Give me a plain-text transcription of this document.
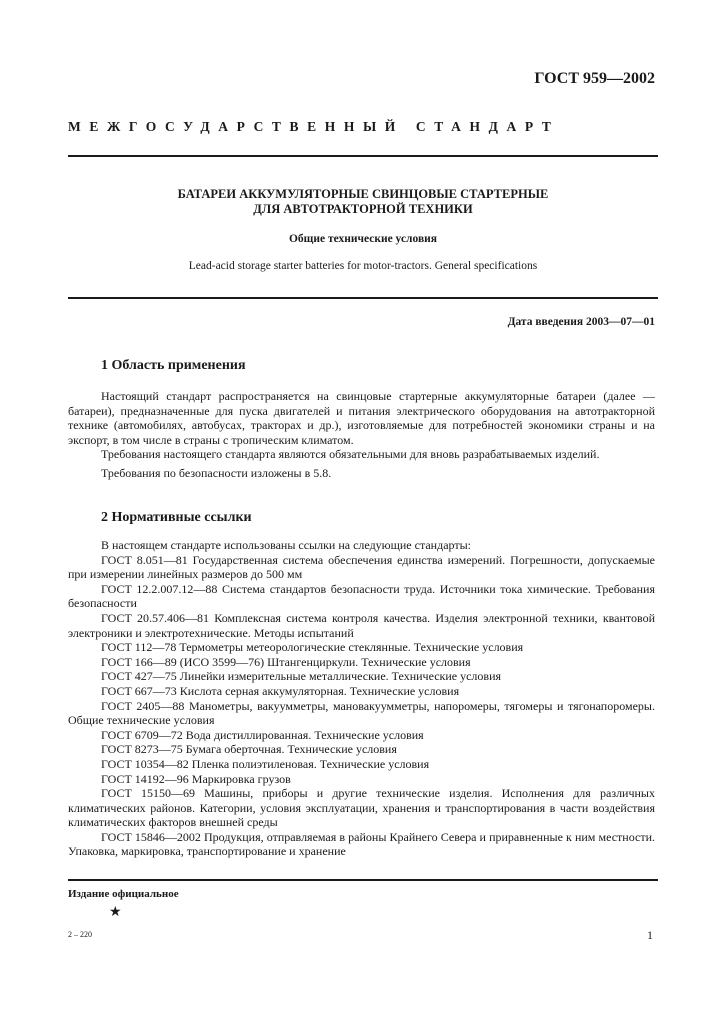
ГОСТ 959—2002
МЕЖГОСУДАРСТВЕННЫЙ СТАНДАРТ
БАТАРЕИ АККУМУЛЯТОРНЫЕ СВИНЦОВЫЕ СТАРТЕРНЫЕ
ДЛЯ АВТОТРАКТОРНОЙ ТЕХНИКИ
Общие технические условия
Lead-acid storage starter batteries for motor-tractors. General specifications
Дата введения 2003—07—01
1 Область применения

Настоящий стандарт распространяется на свинцовые стартерные аккумуляторные батареи (далее — батареи), предназначенные для пуска двигателей и питания электрического оборудования на автотракторной технике (автомобилях, автобусах, тракторах и др.), изготовляемые для потребностей экономики страны и на экспорт, в том числе в страны с тропическим климатом.

Требования настоящего стандарта являются обязательными для вновь разрабатываемых изделий.

Требования по безопасности изложены в 5.8.

2 Нормативные ссылки

В настоящем стандарте использованы ссылки на следующие стандарты:

ГОСТ 8.051—81 Государственная система обеспечения единства измерений. Погрешности, допускаемые при измерении линейных размеров до 500 мм

ГОСТ 12.2.007.12—88 Система стандартов безопасности труда. Источники тока химические. Требования безопасности

ГОСТ 20.57.406—81 Комплексная система контроля качества. Изделия электронной техники, квантовой электроники и электротехнические. Методы испытаний

ГОСТ 112—78 Термометры метеорологические стеклянные. Технические условия

ГОСТ 166—89 (ИСО 3599—76) Штангенциркули. Технические условия

ГОСТ 427—75 Линейки измерительные металлические. Технические условия

ГОСТ 667—73 Кислота серная аккумуляторная. Технические условия

ГОСТ 2405—88 Манометры, вакуумметры, мановакуумметры, напоромеры, тягомеры и тягонапоромеры. Общие технические условия

ГОСТ 6709—72 Вода дистиллированная. Технические условия

ГОСТ 8273—75 Бумага оберточная. Технические условия

ГОСТ 10354—82 Пленка полиэтиленовая. Технические условия

ГОСТ 14192—96 Маркировка грузов

ГОСТ 15150—69 Машины, приборы и другие технические изделия. Исполнения для различных климатических районов. Категории, условия эксплуатации, хранения и транспортирования в части воздействия климатических факторов внешней среды

ГОСТ 15846—2002 Продукция, отправляемая в районы Крайнего Севера и приравненные к ним местности. Упаковка, маркировка, транспортирование и хранение

Издание официальное
★
2 – 220	1
